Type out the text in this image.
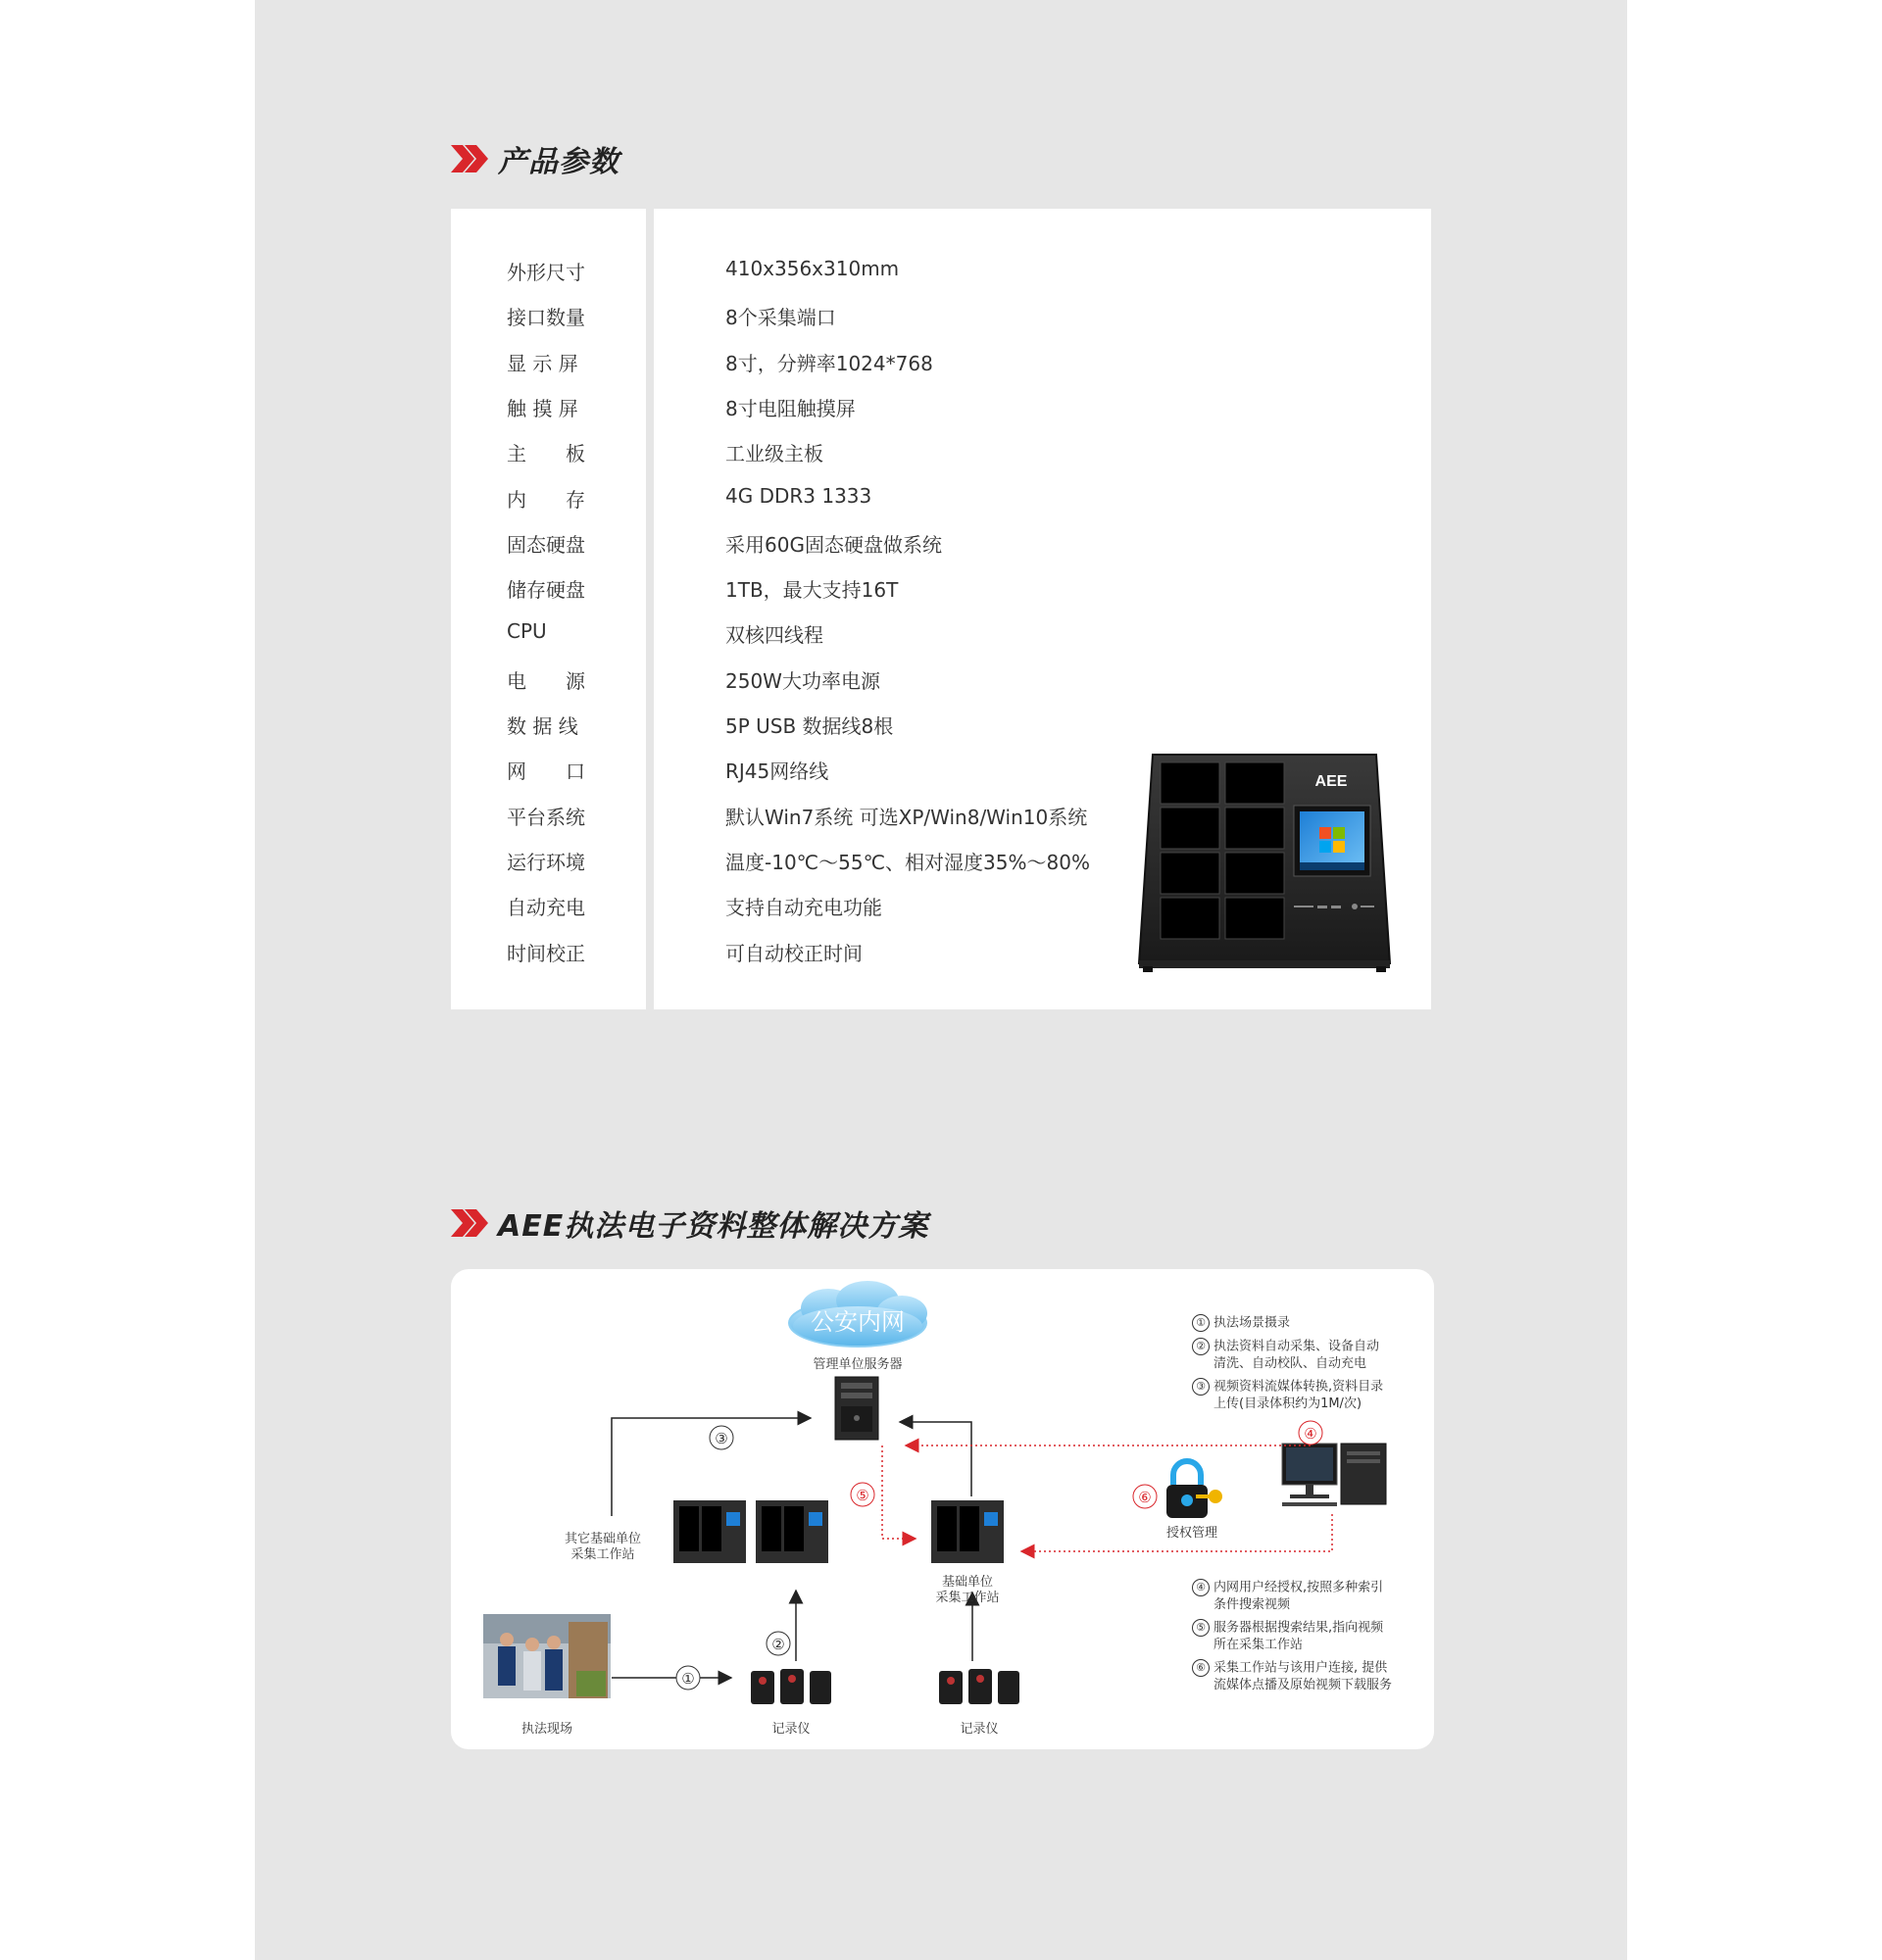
产品参数
外形尺寸	410x356x310mm
接口数量	8个采集端口
显 示 屏	8寸，分辨率1024*768
触 摸 屏	8寸电阻触摸屏
主　　板	工业级主板
内　　存	4G DDR3 1333
固态硬盘	采用60G固态硬盘做系统
储存硬盘	1TB，最大支持16T
CPU	双核四线程
电　　源	250W大功率电源
数 据 线	5P USB 数据线8根
网　　口	RJ45网络线
平台系统	默认Win7系统 可选XP/Win8/Win10系统
运行环境	温度-10℃～55℃、相对湿度35%～80%
自动充电	支持自动充电功能
时间校正	可自动校正时间
AEE
AEE执法电子资料整体解决方案
公安内网
①
②
③	④
⑤	⑥
管理单位服务器
其它基础单位
采集工作站
基础单位
采集工作站
授权管理
执法现场	记录仪	记录仪
① 执法场景摄录
② 执法资料自动采集、设备自动
清洗、自动校队、自动充电
③ 视频资料流媒体转换,资料目录
上传(目录体积约为1M/次)
④ 内网用户经授权,按照多种索引
条件搜索视频
⑤ 服务器根据搜索结果,指向视频
所在采集工作站
⑥ 采集工作站与该用户连接, 提供
流媒体点播及原始视频下载服务
